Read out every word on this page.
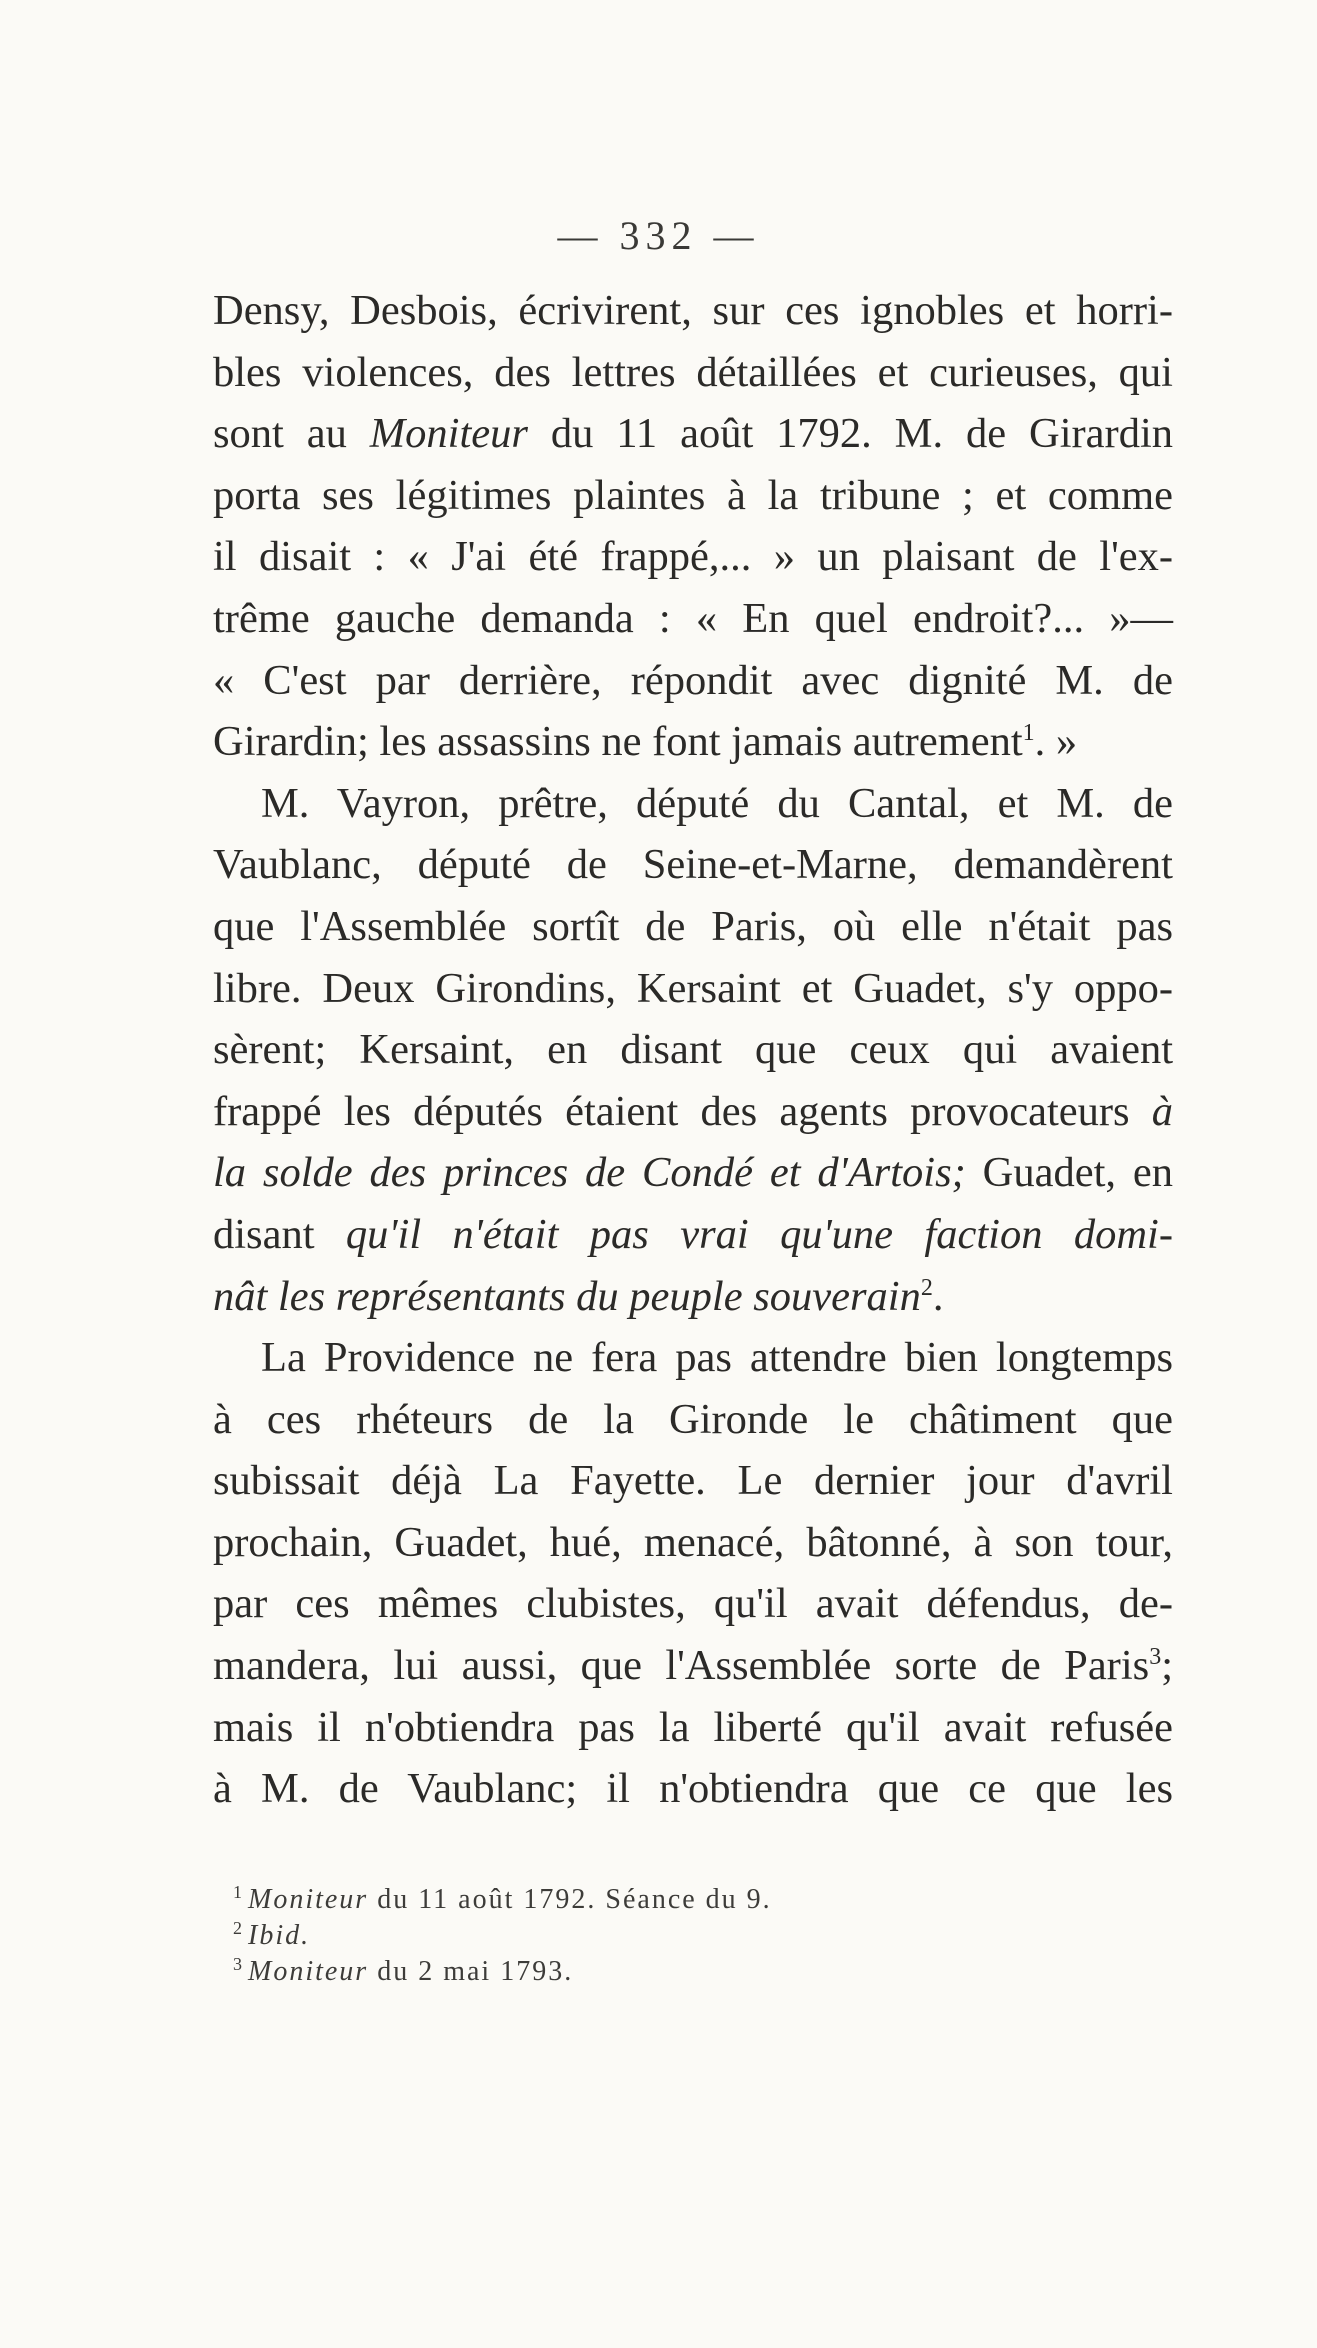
— 332 —
Densy, Desbois, écrivirent, sur ces ignobles et horri-
bles violences, des lettres détaillées et curieuses, qui
sont au Moniteur du 11 août 1792. M. de Girardin
porta ses légitimes plaintes à la tribune ; et comme
il disait : « J'ai été frappé,... » un plaisant de l'ex-
trême gauche demanda : « En quel endroit?... »—
« C'est par derrière, répondit avec dignité M. de
Girardin; les assassins ne font jamais autrement$^1$. »
M. Vayron, prêtre, député du Cantal, et M. de
Vaublanc, député de Seine-et-Marne, demandèrent
que l'Assemblée sortît de Paris, où elle n'était pas
libre. Deux Girondins, Kersaint et Guadet, s'y oppo-
sèrent; Kersaint, en disant que ceux qui avaient
frappé les députés étaient des agents provocateurs à
la solde des princes de Condé et d'Artois; Guadet, en
disant qu'il n'était pas vrai qu'une faction domi-
nât les représentants du peuple souverain$^2$.
La Providence ne fera pas attendre bien longtemps
à ces rhéteurs de la Gironde le châtiment que
subissait déjà La Fayette. Le dernier jour d'avril
prochain, Guadet, hué, menacé, bâtonné, à son tour,
par ces mêmes clubistes, qu'il avait défendus, de-
mandera, lui aussi, que l'Assemblée sorte de Paris$^3$;
mais il n'obtiendra pas la liberté qu'il avait refusée
à M. de Vaublanc; il n'obtiendra que ce que les
$^1$ Moniteur du 11 août 1792. Séance du 9.
$^2$ Ibid.
$^3$ Moniteur du 2 mai 1793.
